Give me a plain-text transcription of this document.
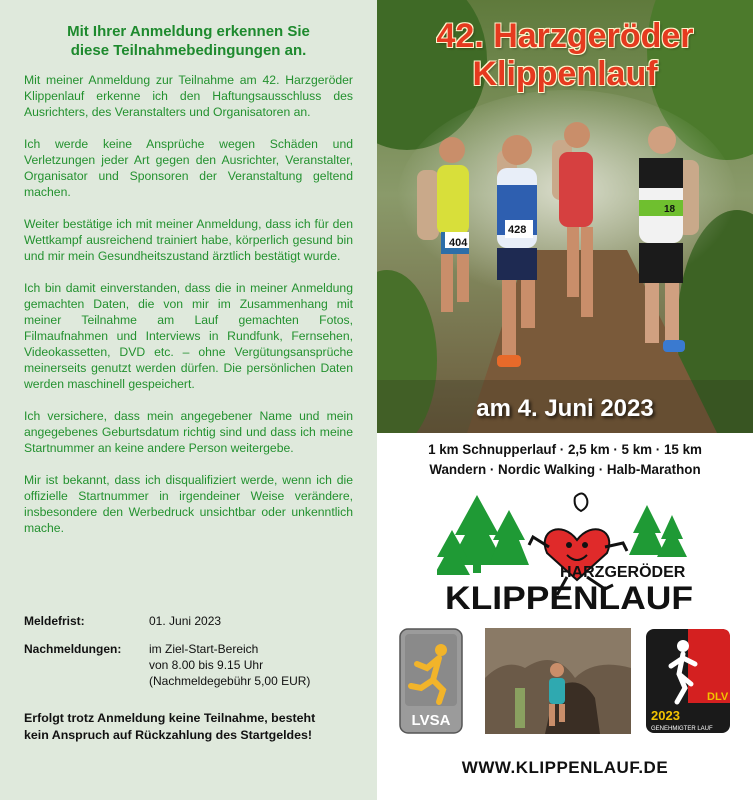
Mit Ihrer Anmeldung erkennen Sie
diese Teilnahmebedingungen an.

Mit meiner Anmeldung zur Teilnahme am 42. Harzgeröder Klippenlauf erkenne ich den Haftungsausschluss des Ausrichters, des Veranstalters und Organisatoren an.

Ich werde keine Ansprüche wegen Schäden und Verletzungen jeder Art gegen den Ausrichter, Veranstalter, Organisator und Sponsoren der Veranstaltung geltend machen.

Weiter bestätige ich mit meiner Anmeldung, dass ich für den Wettkampf ausreichend trainiert habe, körperlich gesund bin und mir mein Gesundheitszustand ärztlich bestätigt wurde.

Ich bin damit einverstanden, dass die in meiner Anmeldung gemachten Daten, die von mir im Zusammenhang mit meiner Teilnahme am Lauf gemachten Fotos, Filmaufnahmen und Interviews in Rundfunk, Fernsehen, Videokassetten, DVD etc. – ohne Vergütungsansprüche meinerseits genutzt werden dürfen. Die persönlichen Daten werden maschinell gespeichert.

Ich versichere, dass mein angegebener Name und mein angegebenes Geburtsdatum richtig sind und dass ich meine Startnummer an keine andere Person weitergebe.

Mir ist bekannt, dass ich disqualifiziert werde, wenn ich die offizielle Startnummer in irgendeiner Weise verändere, insbesondere den Werbedruck unsichtbar oder unkenntlich mache.

Meldefrist:	01. Juni 2023
Nachmeldungen:	im Ziel-Start-Bereich
von 8.00 bis 9.15 Uhr
(Nachmeldegebühr 5,00 EUR)
Erfolgt trotz Anmeldung keine Teilnahme, besteht
kein Anspruch auf Rückzahlung des Startgeldes!
404
428
18
42. Harzgeröder
Klippenlauf
am 4. Juni 2023
1 km Schnupperlauf · 2,5 km · 5 km · 15 km
Wandern · Nordic Walking · Halb-Marathon
HARZGERÖDER
KLIPPENLAUF
LVSA
DLV
2023
GENEHMIGTER LAUF
WWW.KLIPPENLAUF.DE
